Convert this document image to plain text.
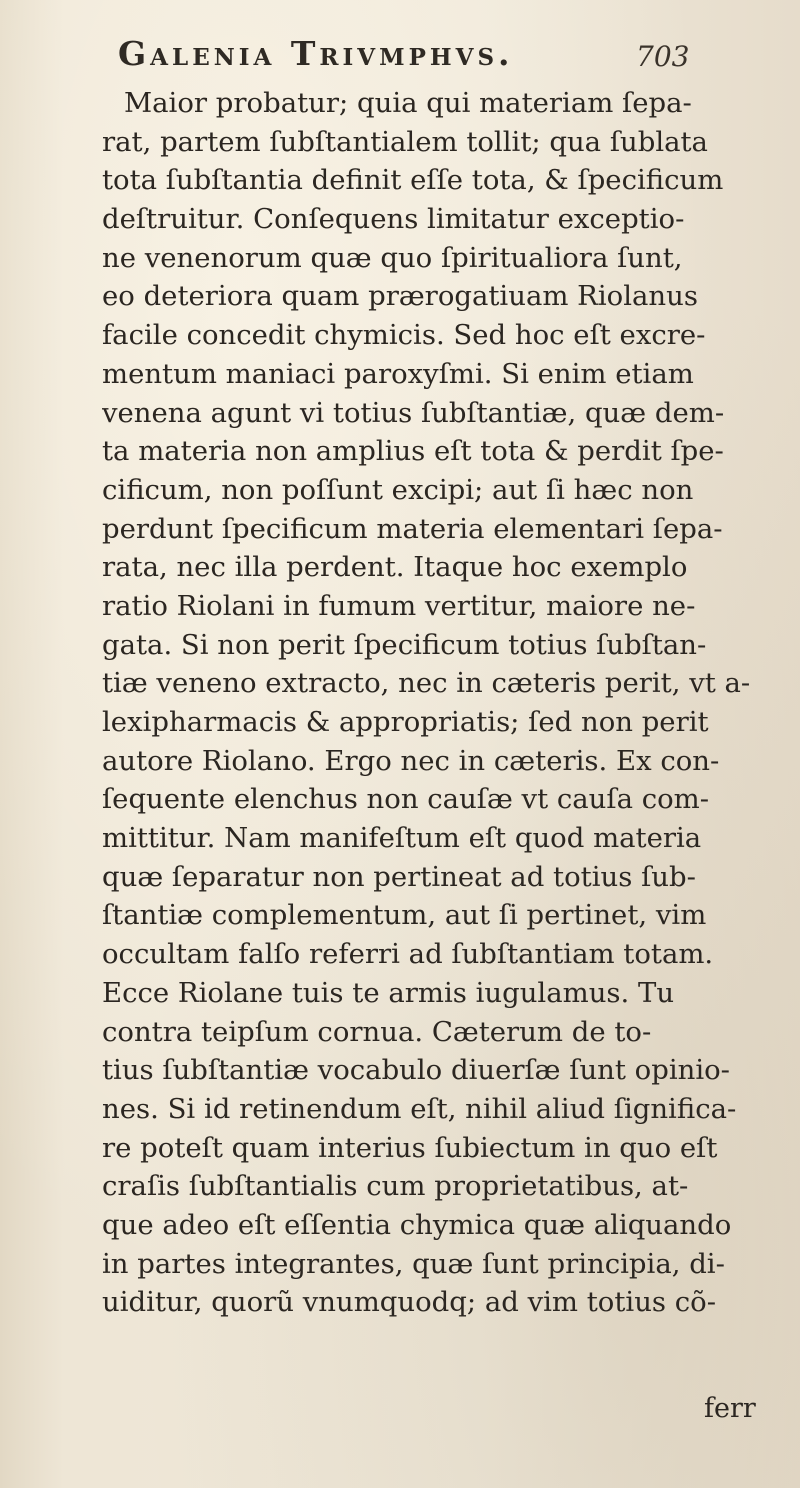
Galenia Trivmphvs.	703
Maior probatur; quia qui materiam ſepa-
rat, partem ſubſtantialem tollit; qua ſublata
tota ſubſtantia definit eſſe tota, & ſpecificum
deſtruitur. Conſequens limitatur exceptio-
ne venenorum quæ quo ſpiritualiora ſunt,
eo deteriora quam prærogatiuam Riolanus
facile concedit chymicis. Sed hoc eſt excre-
mentum maniaci paroxyſmi. Si enim etiam
venena agunt vi totius ſubſtantiæ, quæ dem-
ta materia non amplius eſt tota & perdit ſpe-
cificum, non poſſunt excipi; aut ſi hæc non
perdunt ſpecificum materia elementari ſepa-
rata, nec illa perdent. Itaque hoc exemplo
ratio Riolani in fumum vertitur, maiore ne-
gata. Si non perit ſpecificum totius ſubſtan-
tiæ veneno extracto, nec in cæteris perit, vt a-
lexipharmacis & appropriatis; ſed non perit
autore Riolano. Ergo nec in cæteris. Ex con-
ſequente elenchus non cauſæ vt cauſa com-
mittitur. Nam manifeſtum eſt quod materia
quæ ſeparatur non pertineat ad totius ſub-
ſtantiæ complementum, aut ſi pertinet, vim
occultam falſo referri ad ſubſtantiam totam.
Ecce Riolane tuis te armis iugulamus. Tu
contra teipſum cornua. Cæterum de to-
tius ſubſtantiæ vocabulo diuerſæ ſunt opinio-
nes. Si id retinendum eſt, nihil aliud ſignifica-
re poteſt quam interius ſubiectum in quo eſt
craſis ſubſtantialis cum proprietatibus, at-
que adeo eſt eſſentia chymica quæ aliquando
in partes integrantes, quæ ſunt principia, di-
uiditur, quorũ vnumquodq; ad vim totius cõ-
ferr
